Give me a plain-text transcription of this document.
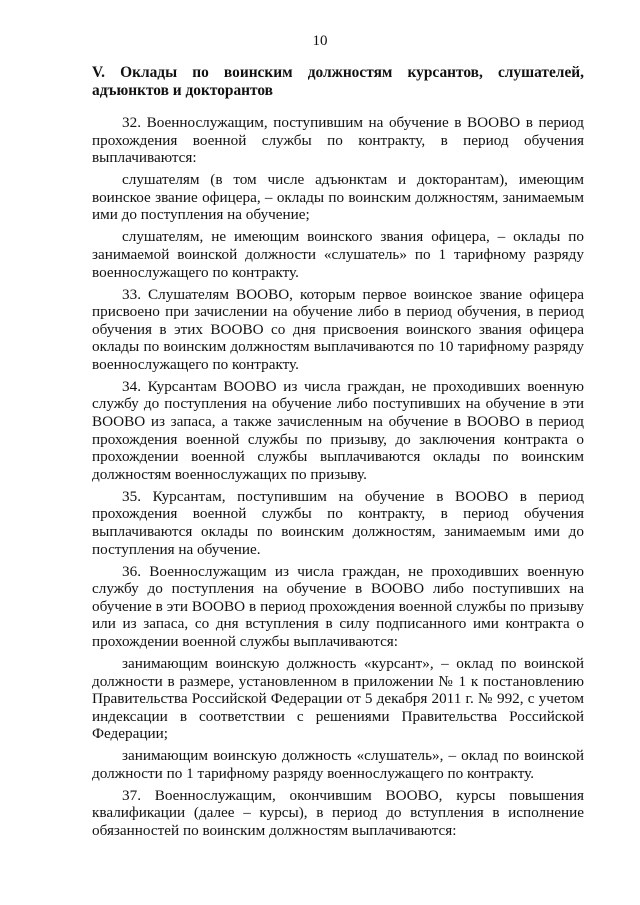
10
V. Оклады по воинским должностям курсантов, слушателей, адъюнктов и докторантов

32. Военнослужащим, поступившим на обучение в ВООВО в период прохождения военной службы по контракту, в период обучения выплачиваются:

слушателям (в том числе адъюнктам и докторантам), имеющим воинское звание офицера, – оклады по воинским должностям, занимаемым ими до поступления на обучение;

слушателям, не имеющим воинского звания офицера, – оклады по занимаемой воинской должности «слушатель» по 1 тарифному разряду военнослужащего по контракту.

33. Слушателям ВООВО, которым первое воинское звание офицера присвоено при зачислении на обучение либо в период обучения, в период обучения в этих ВООВО со дня присвоения воинского звания офицера оклады по воинским должностям выплачиваются по 10 тарифному разряду военнослужащего по контракту.

34. Курсантам ВООВО из числа граждан, не проходивших военную службу до поступления на обучение либо поступивших на обучение в эти ВООВО из запаса, а также зачисленным на обучение в ВООВО в период прохождения военной службы по призыву, до заключения контракта о прохождении военной службы выплачиваются оклады по воинским должностям военнослужащих по призыву.

35. Курсантам, поступившим на обучение в ВООВО в период прохождения военной службы по контракту, в период обучения выплачиваются оклады по воинским должностям, занимаемым ими до поступления на обучение.

36. Военнослужащим из числа граждан, не проходивших военную службу до поступления на обучение в ВООВО либо поступивших на обучение в эти ВООВО в период прохождения военной службы по призыву или из запаса, со дня вступления в силу подписанного ими контракта о прохождении военной службы выплачиваются:

занимающим воинскую должность «курсант», – оклад по воинской должности в размере, установленном в приложении № 1 к постановлению Правительства Российской Федерации от 5 декабря 2011 г. № 992, с учетом индексации в соответствии с решениями Правительства Российской Федерации;

занимающим воинскую должность «слушатель», – оклад по воинской должности по 1 тарифному разряду военнослужащего по контракту.

37. Военнослужащим, окончившим ВООВО, курсы повышения квалификации (далее – курсы), в период до вступления в исполнение обязанностей по воинским должностям выплачиваются:
